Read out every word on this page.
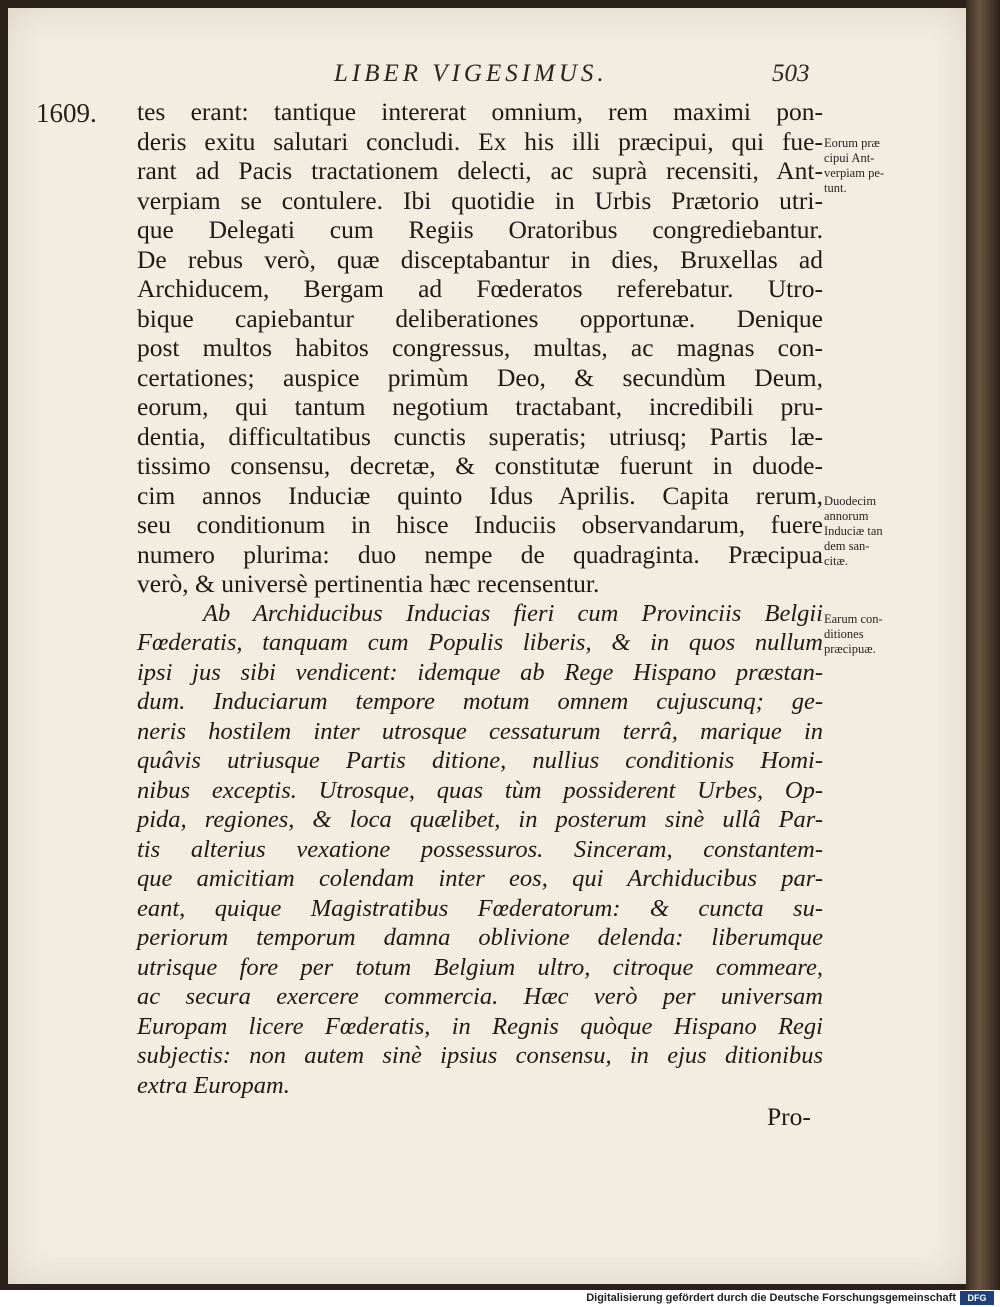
LIBER VIGESIMUS.	503
1609. tes erant: tantique intererat omnium, rem maximi pon-
deris exitu salutari concludi. Ex his illi præcipui, qui fue-
rant ad Pacis tractationem delecti, ac suprà recensiti, Ant-
verpiam se contulere. Ibi quotidie in Urbis Prætorio utri-
que Delegati cum Regiis Oratoribus congrediebantur.
De rebus verò, quæ disceptabantur in dies, Bruxellas ad
Archiducem, Bergam ad Fœderatos referebatur. Utro-
bique capiebantur deliberationes opportunæ. Denique
post multos habitos congressus, multas, ac magnas con-
certationes; auspice primùm Deo, & secundùm Deum,
eorum, qui tantum negotium tractabant, incredibili pru-
dentia, difficultatibus cunctis superatis; utriusq; Partis læ-
tissimo consensu, decretæ, & constitutæ fuerunt in duode-
cim annos Induciæ quinto Idus Aprilis. Capita rerum,
seu conditionum in hisce Induciis observandarum, fuere
numero plurima: duo nempe de quadraginta. Præcipua
verò, & universè pertinentia hæc recensentur.
Ab Archiducibus Inducias fieri cum Provinciis Belgii
Fœderatis, tanquam cum Populis liberis, & in quos nullum
ipsi jus sibi vendicent: idemque ab Rege Hispano præstan-
dum. Induciarum tempore motum omnem cujuscunq; ge-
neris hostilem inter utrosque cessaturum terrâ, marique in
quâvis utriusque Partis ditione, nullius conditionis Homi-
nibus exceptis. Utrosque, quas tùm possiderent Urbes, Op-
pida, regiones, & loca quælibet, in posterum sinè ullâ Par-
tis alterius vexatione possessuros. Sinceram, constantem-
que amicitiam colendam inter eos, qui Archiducibus par-
eant, quique Magistratibus Fœderatorum: & cuncta su-
periorum temporum damna oblivione delenda: liberumque
utrisque fore per totum Belgium ultro, citroque commeare,
ac secura exercere commercia. Hæc verò per universam
Europam licere Fœderatis, in Regnis quòque Hispano Regi
subjectis: non autem sinè ipsius consensu, in ejus ditionibus
extra Europam.
Eorum præ
cipui Ant-
verpiam pe-
tunt.
Duodecim
annorum
Induciæ tan
dem san-
citæ.
Earum con-
ditiones
præcipuæ.
Pro-
Digitalisierung gefördert durch die Deutsche Forschungsgemeinschaft	DFG
